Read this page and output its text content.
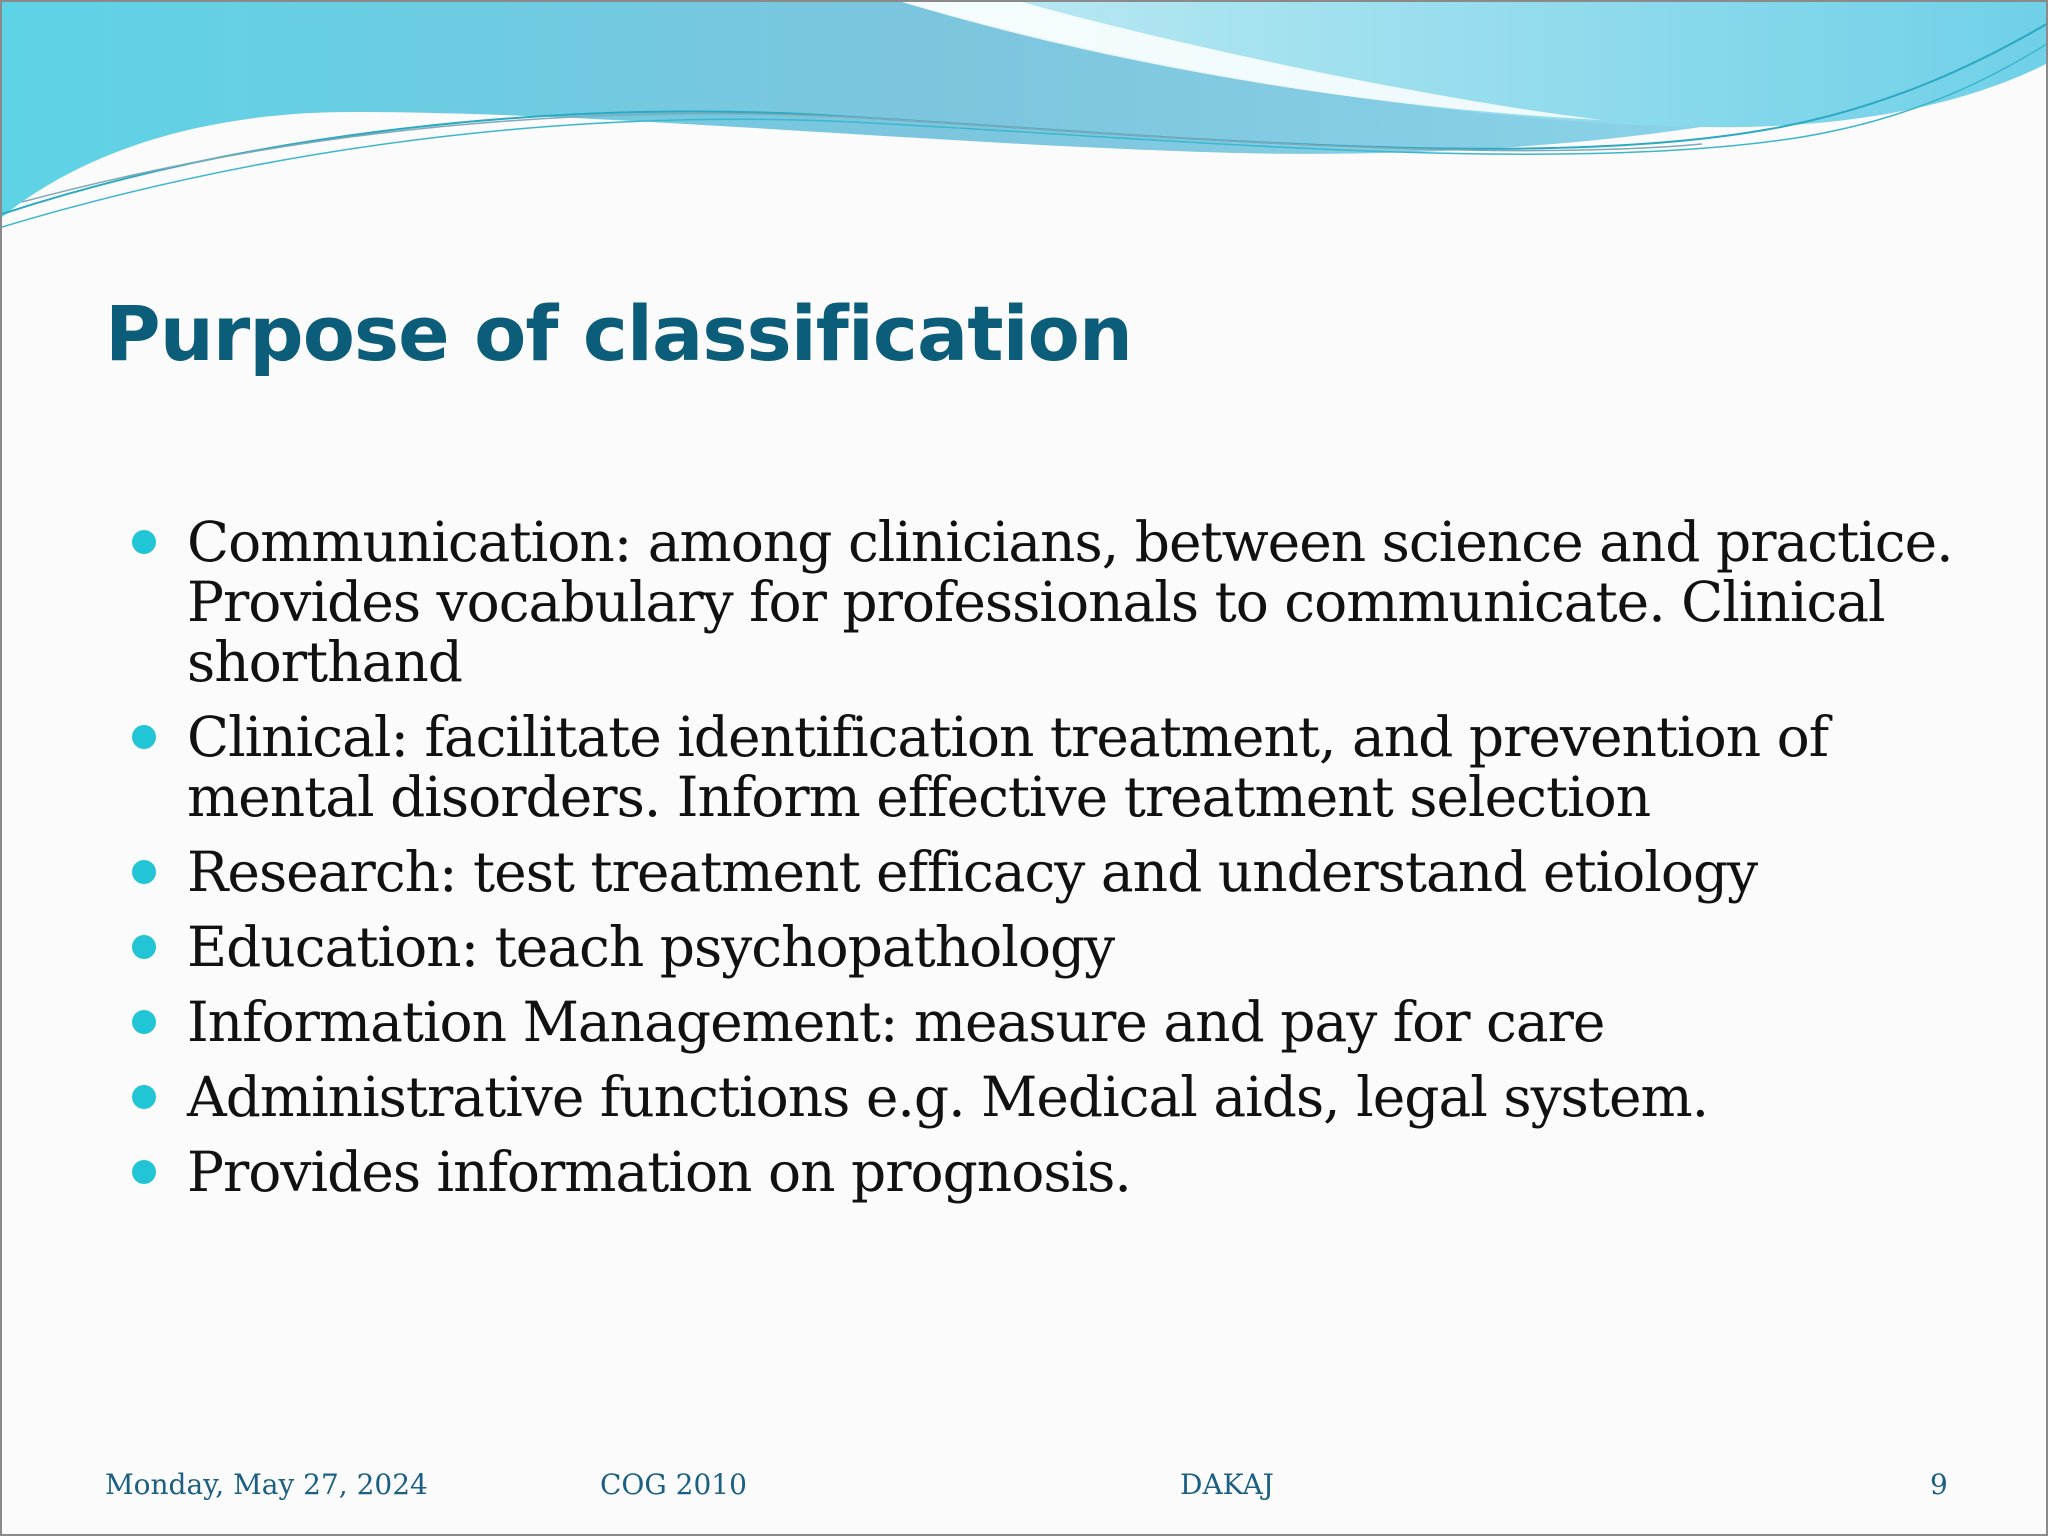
Purpose of classification
Communication: among clinicians, between science and practice. Provides vocabulary for professionals to communicate. Clinical shorthand
Clinical: facilitate identification treatment, and prevention of mental disorders. Inform effective treatment selection
Research: test treatment efficacy and understand etiology
Education: teach psychopathology
Information Management: measure and pay for care
Administrative functions e.g. Medical aids, legal system.
Provides information on prognosis.
Monday, May 27, 2024	COG 2010	DAKAJ	9
